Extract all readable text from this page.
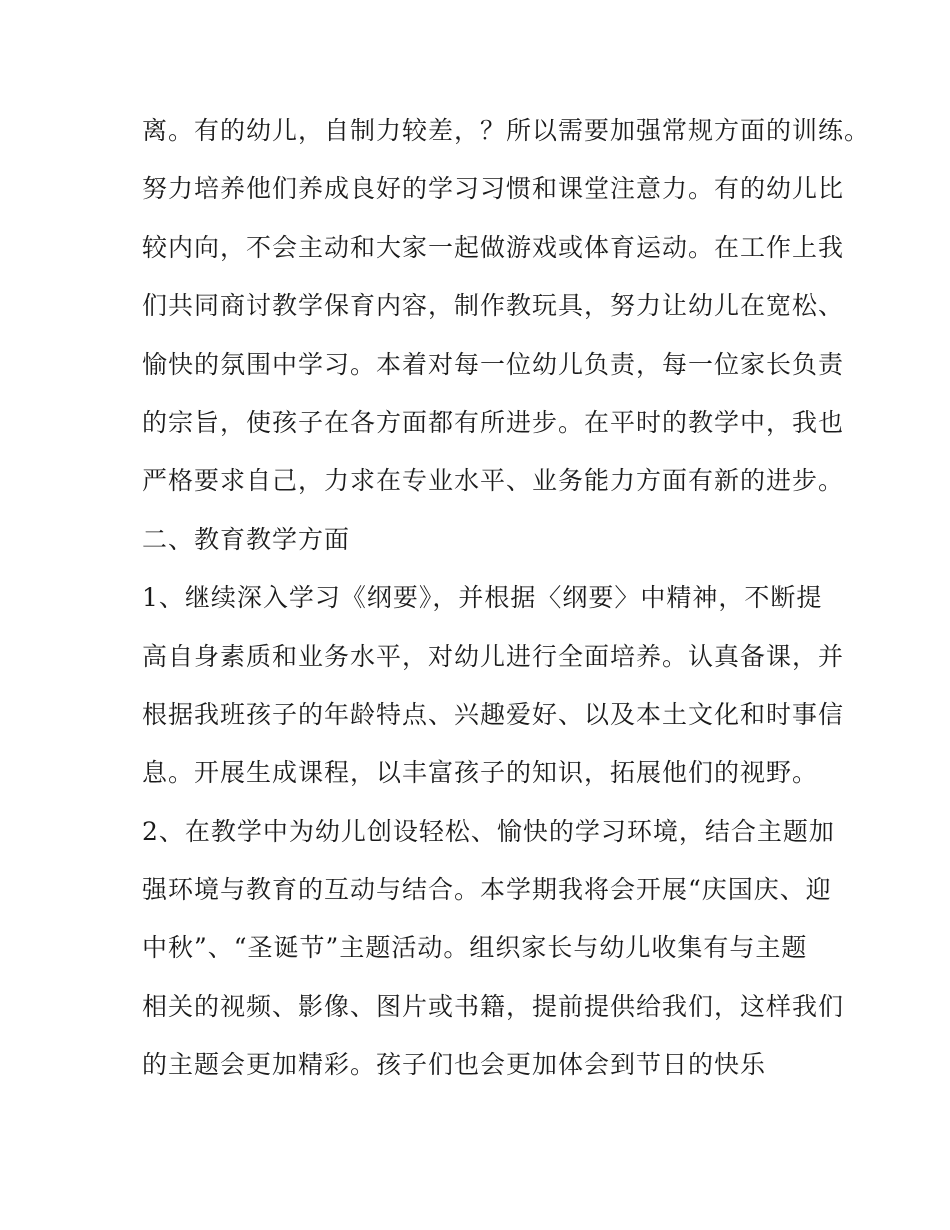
离。有的幼儿，自制力较差，？所以需要加强常规方面的训练。
努力培养他们养成良好的学习习惯和课堂注意力。有的幼儿比
较内向，不会主动和大家一起做游戏或体育运动。在工作上我
们共同商讨教学保育内容，制作教玩具，努力让幼儿在宽松、
愉快的氛围中学习。本着对每一位幼儿负责，每一位家长负责
的宗旨，使孩子在各方面都有所进步。在平时的教学中，我也
严格要求自己，力求在专业水平、业务能力方面有新的进步。
二、教育教学方面
1、继续深入学习《纲要》，并根据〈纲要〉中精神，不断提
高自身素质和业务水平，对幼儿进行全面培养。认真备课，并
根据我班孩子的年龄特点、兴趣爱好、以及本土文化和时事信
息。开展生成课程，以丰富孩子的知识，拓展他们的视野。
2、在教学中为幼儿创设轻松、愉快的学习环境，结合主题加
强环境与教育的互动与结合。本学期我将会开展“庆国庆、迎
中秋”、“圣诞节”主题活动。组织家长与幼儿收集有与主题
相关的视频、影像、图片或书籍，提前提供给我们，这样我们
的主题会更加精彩。孩子们也会更加体会到节日的快乐
